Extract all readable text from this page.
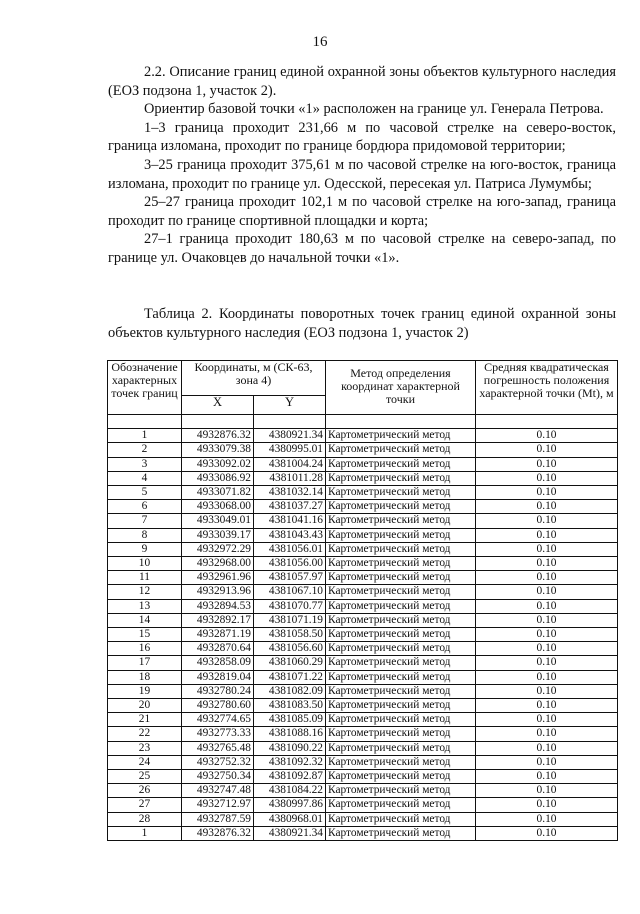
16

2.2. Описание границ единой охранной зоны объектов культурного наследия (ЕОЗ подзона 1, участок 2).

Ориентир базовой точки «1» расположен на границе ул. Генерала Петрова.

1–3 граница проходит 231,66 м по часовой стрелке на северо-восток, граница изломана, проходит по границе бордюра придомовой территории;

3–25 граница проходит 375,61 м по часовой стрелке на юго-восток, граница изломана, проходит по границе ул. Одесской, пересекая ул. Патриса Лумумбы;

25–27 граница проходит 102,1 м по часовой стрелке на юго-запад, граница проходит по границе спортивной площадки и корта;

27–1 граница проходит 180,63 м по часовой стрелке на северо-запад, по границе ул. Очаковцев до начальной точки «1».

Таблица 2. Координаты поворотных точек границ единой охранной зоны объектов культурного наследия (ЕОЗ подзона 1, участок 2)
Обозначение характерных точек границ	Координаты, м (СК-63, зона 4)		Метод определения координат характерной точки	Средняя квадратическая погрешность положения характерной точки (Mt), м
	X	Y		

1	4932876.32	4380921.34	Картометрический метод	0.10
2	4933079.38	4380995.01	Картометрический метод	0.10
3	4933092.02	4381004.24	Картометрический метод	0.10
4	4933086.92	4381011.28	Картометрический метод	0.10
5	4933071.82	4381032.14	Картометрический метод	0.10
6	4933068.00	4381037.27	Картометрический метод	0.10
7	4933049.01	4381041.16	Картометрический метод	0.10
8	4933039.17	4381043.43	Картометрический метод	0.10
9	4932972.29	4381056.01	Картометрический метод	0.10
10	4932968.00	4381056.00	Картометрический метод	0.10
11	4932961.96	4381057.97	Картометрический метод	0.10
12	4932913.96	4381067.10	Картометрический метод	0.10
13	4932894.53	4381070.77	Картометрический метод	0.10
14	4932892.17	4381071.19	Картометрический метод	0.10
15	4932871.19	4381058.50	Картометрический метод	0.10
16	4932870.64	4381056.60	Картометрический метод	0.10
17	4932858.09	4381060.29	Картометрический метод	0.10
18	4932819.04	4381071.22	Картометрический метод	0.10
19	4932780.24	4381082.09	Картометрический метод	0.10
20	4932780.60	4381083.50	Картометрический метод	0.10
21	4932774.65	4381085.09	Картометрический метод	0.10
22	4932773.33	4381088.16	Картометрический метод	0.10
23	4932765.48	4381090.22	Картометрический метод	0.10
24	4932752.32	4381092.32	Картометрический метод	0.10
25	4932750.34	4381092.87	Картометрический метод	0.10
26	4932747.48	4381084.22	Картометрический метод	0.10
27	4932712.97	4380997.86	Картометрический метод	0.10
28	4932787.59	4380968.01	Картометрический метод	0.10
1	4932876.32	4380921.34	Картометрический метод	0.10
